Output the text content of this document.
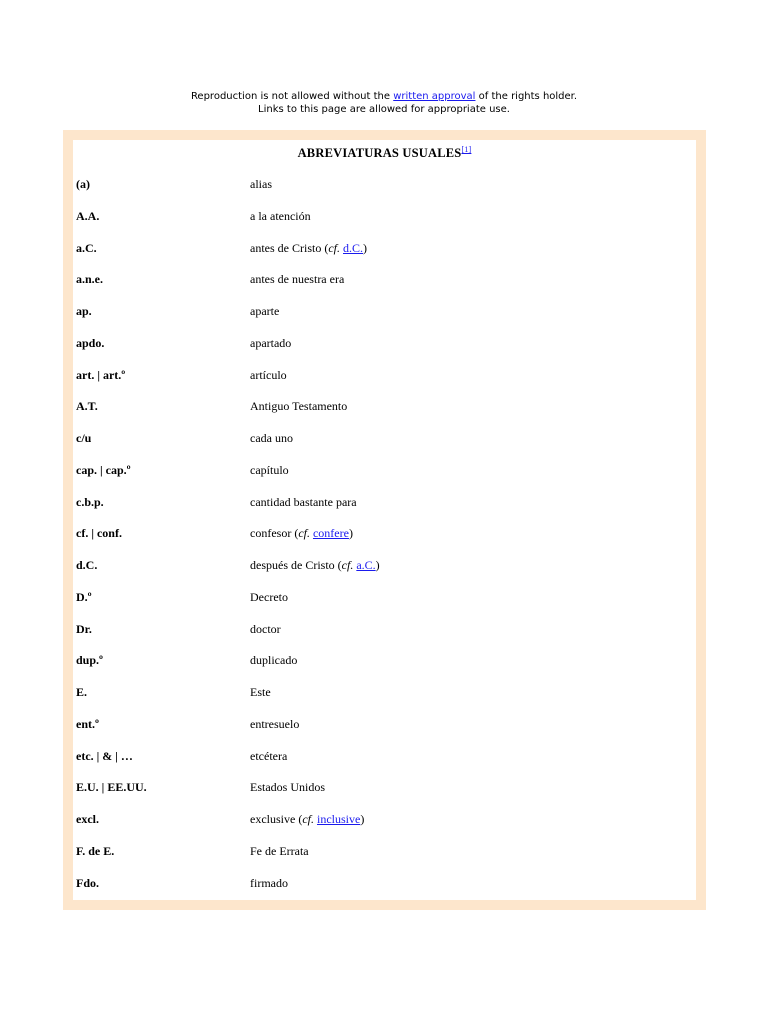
Reproduction is not allowed without the written approval of the rights holder.
Links to this page are allowed for appropriate use.
ABREVIATURAS USUALES[1]
(a)	alias
A.A.	a la atención
a.C.	antes de Cristo (cf. d.C.)
a.n.e.	antes de nuestra era
ap.	aparte
apdo.	apartado
art. | art.º	artículo
A.T.	Antiguo Testamento
c/u	cada uno
cap. | cap.º	capítulo
c.b.p.	cantidad bastante para
cf. | conf.	confesor (cf. confere)
d.C.	después de Cristo (cf. a.C.)
D.º	Decreto
Dr.	doctor
dup.º	duplicado
E.	Este
ent.º	entresuelo
etc. | & | …	etcétera
E.U. | EE.UU.	Estados Unidos
excl.	exclusive (cf. inclusive)
F. de E.	Fe de Errata
Fdo.	firmado
